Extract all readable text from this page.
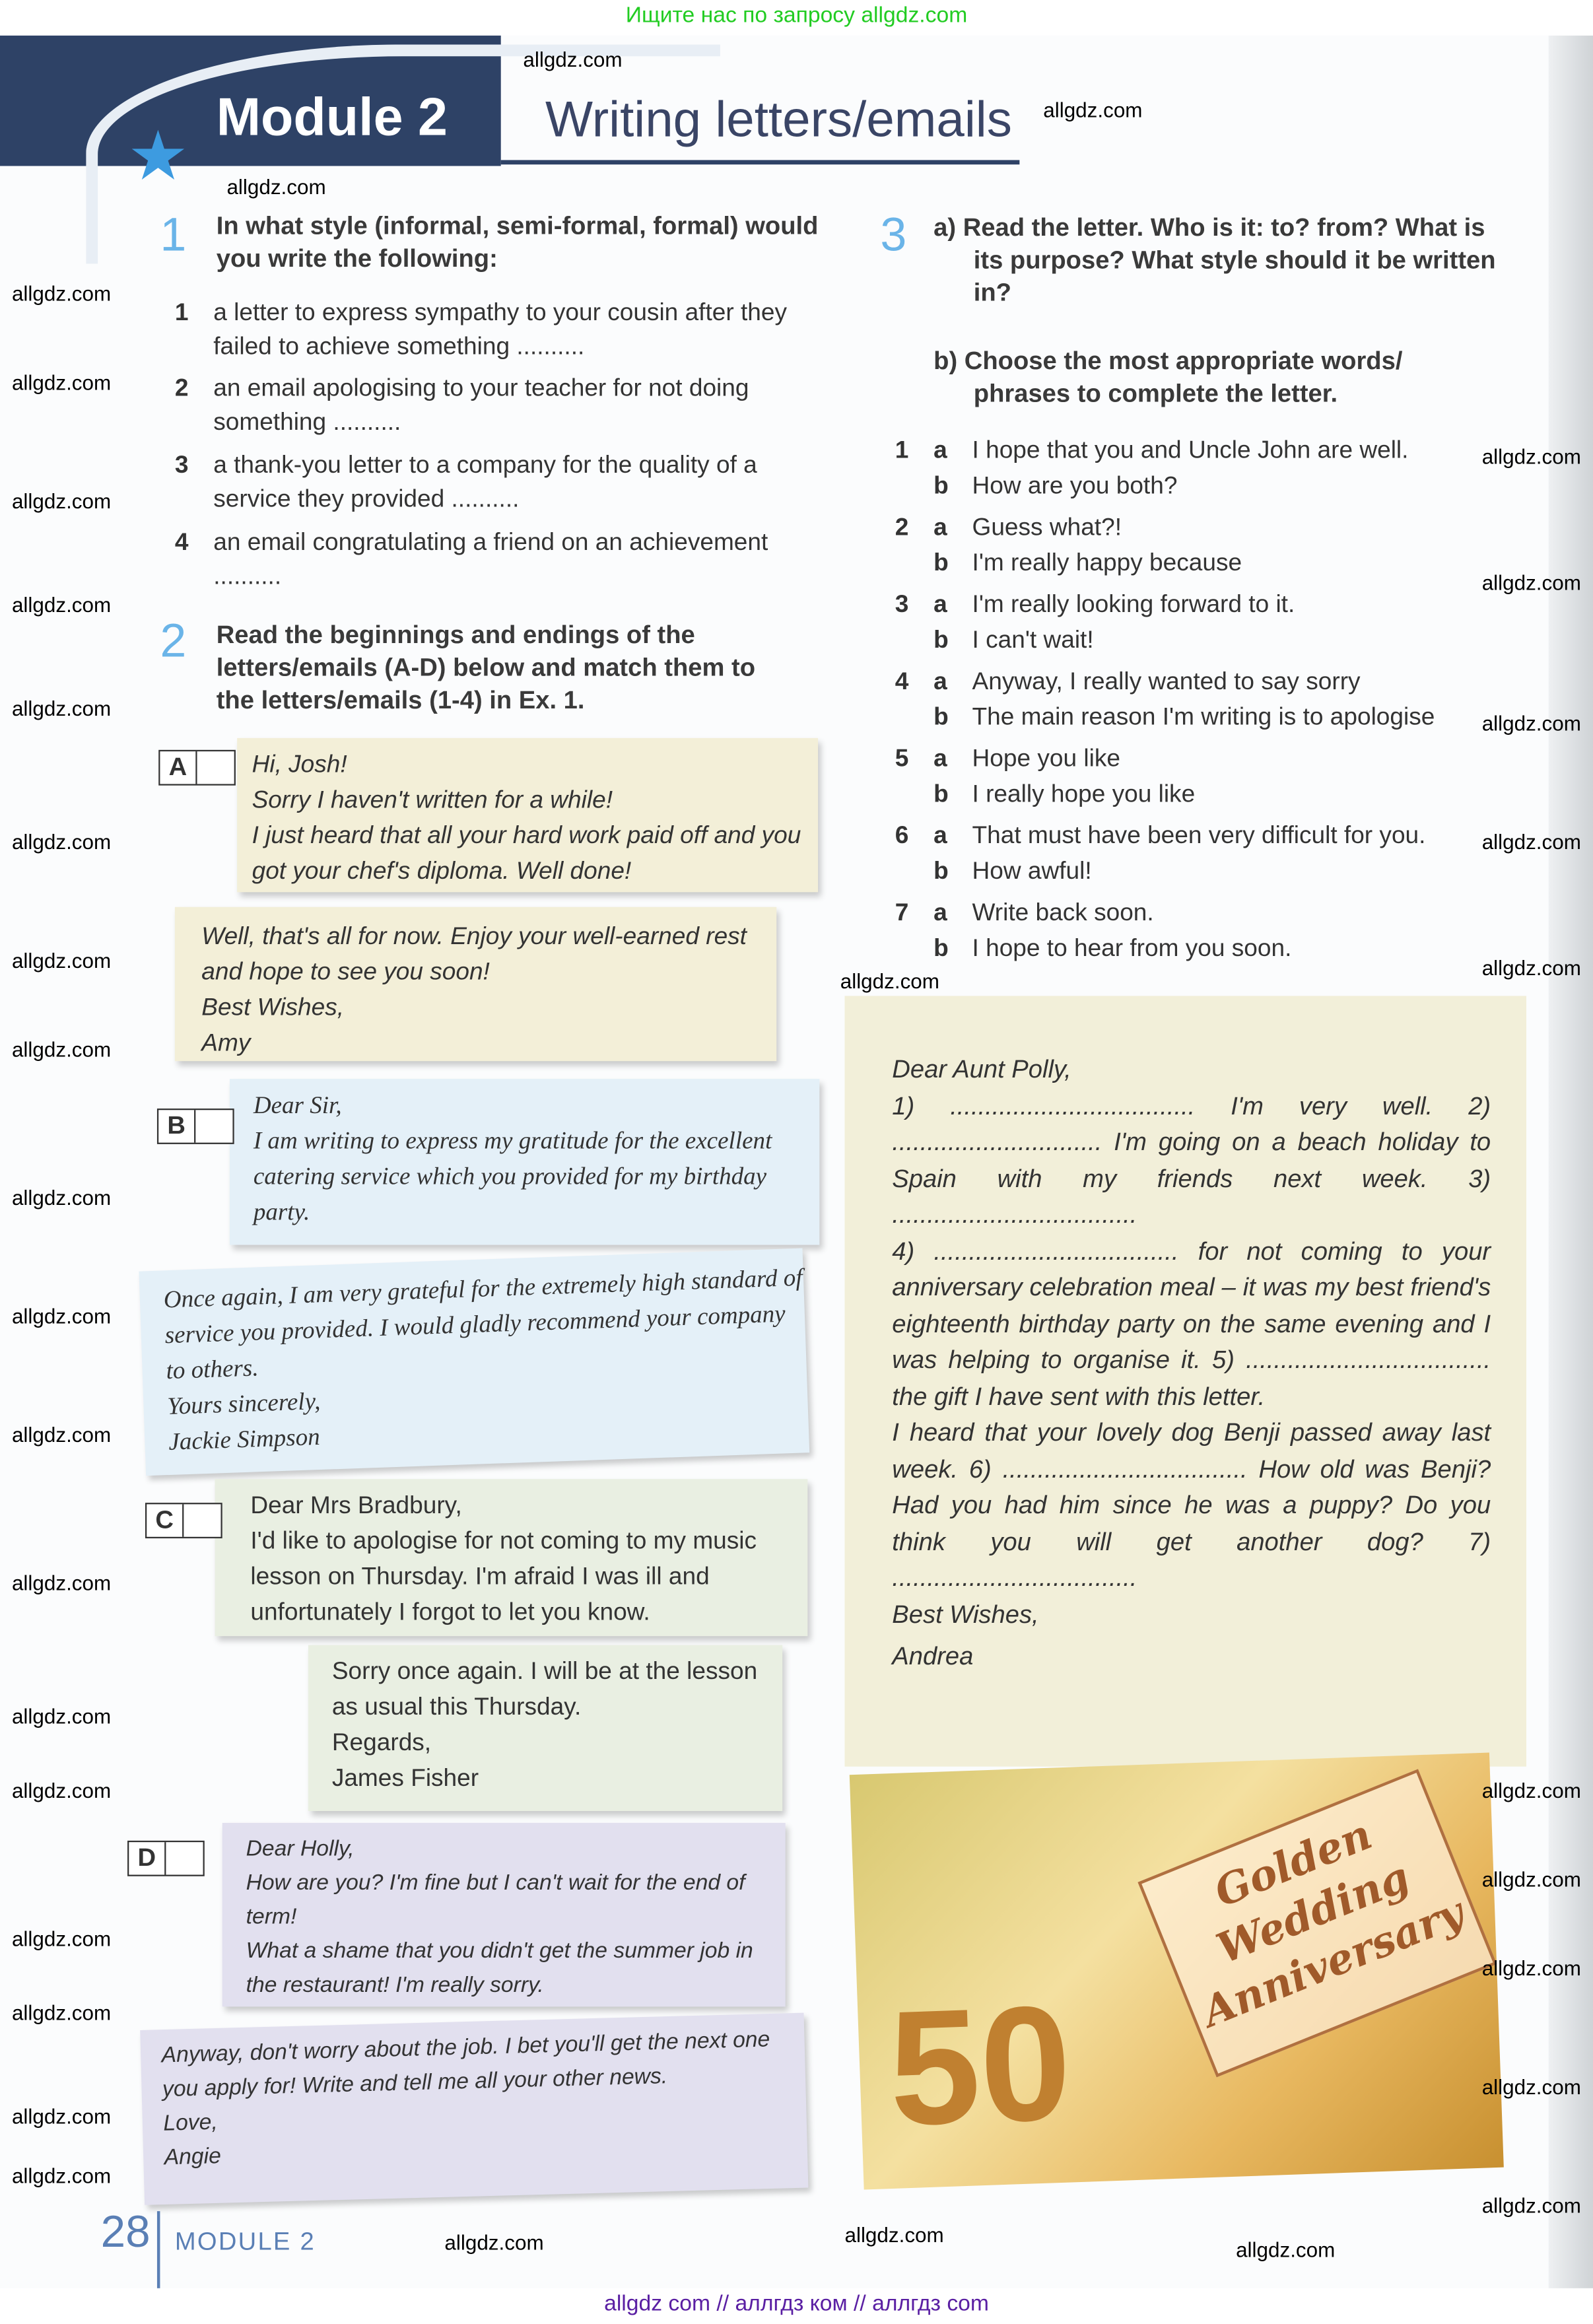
Ищите нас по запросу allgdz.com
Module 2	Writing letters/emails
★
1	In what style (informal, semi-formal, formal) would you write the following:
1 a letter to express sympathy to your cousin after they failed to achieve something ..........
2 an email apologising to your teacher for not doing something ..........
3 a thank-you letter to a company for the quality of a service they provided ..........
4 an email congratulating a friend on an achievement ..........
2	Read the beginnings and endings of the letters/emails (A-D) below and match them to the letters/emails (1-4) in Ex. 1.
Hi, Josh!
Sorry I haven't written for a while!
I just heard that all your hard work paid off and you got your chef's diploma. Well done!
Well, that's all for now. Enjoy your well-earned rest and hope to see you soon!
Best Wishes,
Amy
A
Dear Sir,
I am writing to express my gratitude for the excellent catering service which you provided for my birthday party.
Once again, I am very grateful for the extremely high standard of service you provided. I would gladly recommend your company to others.
Yours sincerely,
Jackie Simpson
B
Dear Mrs Bradbury,
I'd like to apologise for not coming to my music lesson on Thursday. I'm afraid I was ill and unfortunately I forgot to let you know.
Sorry once again. I will be at the lesson as usual this Thursday.
Regards,
James Fisher
C
Dear Holly,
How are you? I'm fine but I can't wait for the end of term!
What a shame that you didn't get the summer job in the restaurant! I'm really sorry.
Anyway, don't worry about the job. I bet you'll get the next one you apply for! Write and tell me all your other news.
Love,
Angie
D
3 a) Read the letter. Who is it: to? from? What is its purpose? What style should it be written in?
b) Choose the most appropriate words/ phrases to complete the letter.
1 a I hope that you and Uncle John are well.
b How are you both?
2 a Guess what?!
b I'm really happy because
3 a I'm really looking forward to it.
b I can't wait!
4 a Anyway, I really wanted to say sorry
b The main reason I'm writing is to apologise
5 a Hope you like
b I really hope you like
6 a That must have been very difficult for you.
b How awful!
7 a Write back soon.
b I hope to hear from you soon.

Dear Aunt Polly,

1) ................................... I'm very well. 2) .............................. I'm going on a beach holiday to Spain with my friends next week. 3) ...................................

4) ................................... for not coming to your anniversary celebration meal – it was my best friend's eighteenth birthday party on the same evening and I was helping to organise it. 5) ................................... the gift I have sent with this letter.

I heard that your lovely dog Benji passed away last week. 6) ................................... How old was Benji? Had you had him since he was a puppy? Do you think you will get another dog? 7) ...................................

Best Wishes,

Andrea

Golden Wedding Anniversary
50
28 MODULE 2
allgdz.com
allgdz.com
allgdz.com
allgdz.com
allgdz.com
allgdz.com
allgdz.com
allgdz.com
allgdz.com
allgdz.com
allgdz.com
allgdz.com
allgdz.com
allgdz.com
allgdz.com
allgdz.com
allgdz.com
allgdz.com
allgdz.com
allgdz.com
allgdz.com
allgdz.com
allgdz.com
allgdz.com
allgdz.com
allgdz.com
allgdz.com
allgdz.com
allgdz.com
allgdz.com
allgdz.com
allgdz.com	allgdz.com
allgdz.com
allgdz.com
allgdz com // аллгдз ком // аллгдз com
